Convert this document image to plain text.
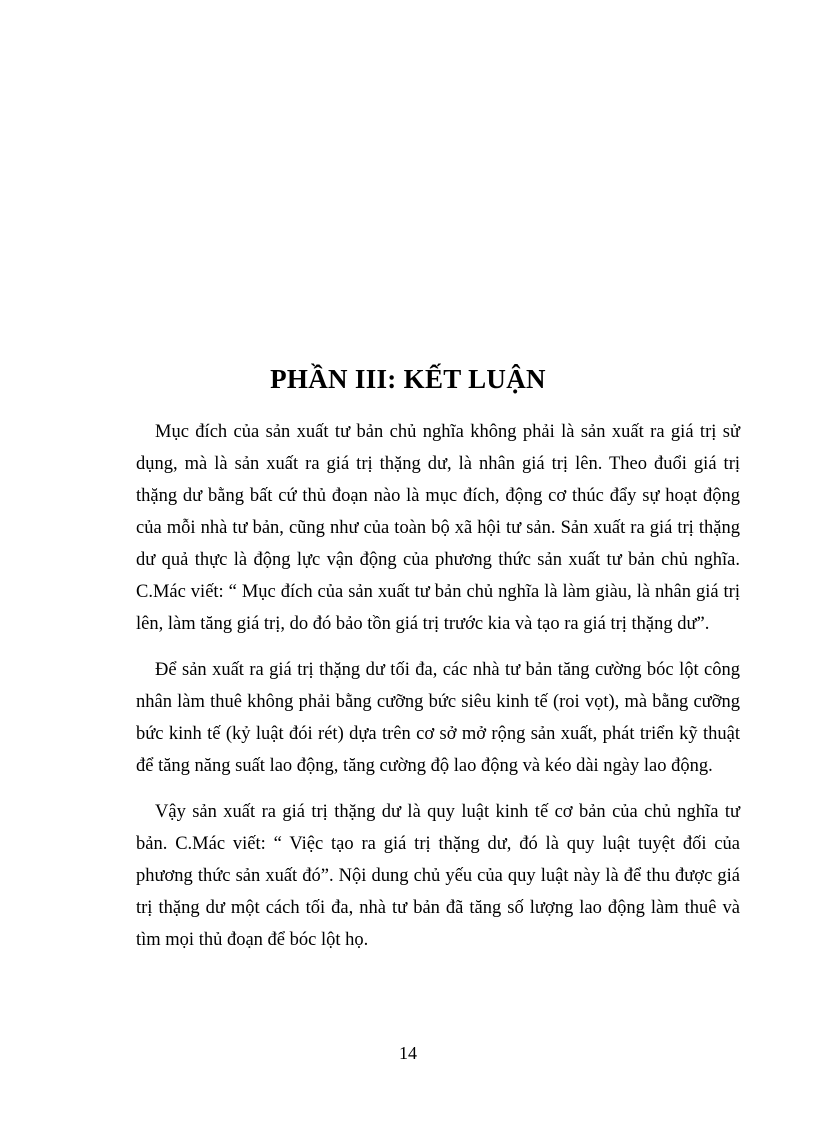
PHẦN III: KẾT LUẬN

Mục đích của sản xuất tư bản chủ nghĩa không phải là sản xuất ra giá trị sử dụng, mà là sản xuất ra giá trị thặng dư, là nhân giá trị lên. Theo đuổi giá trị thặng dư bằng bất cứ thủ đoạn nào là mục đích, động cơ thúc đẩy sự hoạt động của mỗi nhà tư bản, cũng như của toàn bộ xã hội tư sản. Sản xuất ra giá trị thặng dư quả thực là động lực vận động của phương thức sản xuất tư bản chủ nghĩa. C.Mác viết: “ Mục đích của sản xuất tư bản chủ nghĩa là làm giàu, là nhân giá trị lên, làm tăng giá trị, do đó bảo tồn giá trị trước kia và tạo ra giá trị thặng dư”.

Để sản xuất ra giá trị thặng dư tối đa, các nhà tư bản tăng cường bóc lột công nhân làm thuê không phải bằng cưỡng bức siêu kinh tế (roi vọt), mà bằng cưỡng bức kinh tế (kỷ luật đói rét) dựa trên cơ sở mở rộng sản xuất, phát triển kỹ thuật để tăng năng suất lao động, tăng cường độ lao động và kéo dài ngày lao động.

Vậy sản xuất ra giá trị thặng dư là quy luật kinh tế cơ bản của chủ nghĩa tư bản. C.Mác viết: “ Việc tạo ra giá trị thặng dư, đó là quy luật tuyệt đối của phương thức sản xuất đó”. Nội dung chủ yếu của quy luật này là để thu được giá trị thặng dư một cách tối đa, nhà tư bản đã tăng số lượng lao động làm thuê và tìm mọi thủ đoạn để bóc lột họ.

14
